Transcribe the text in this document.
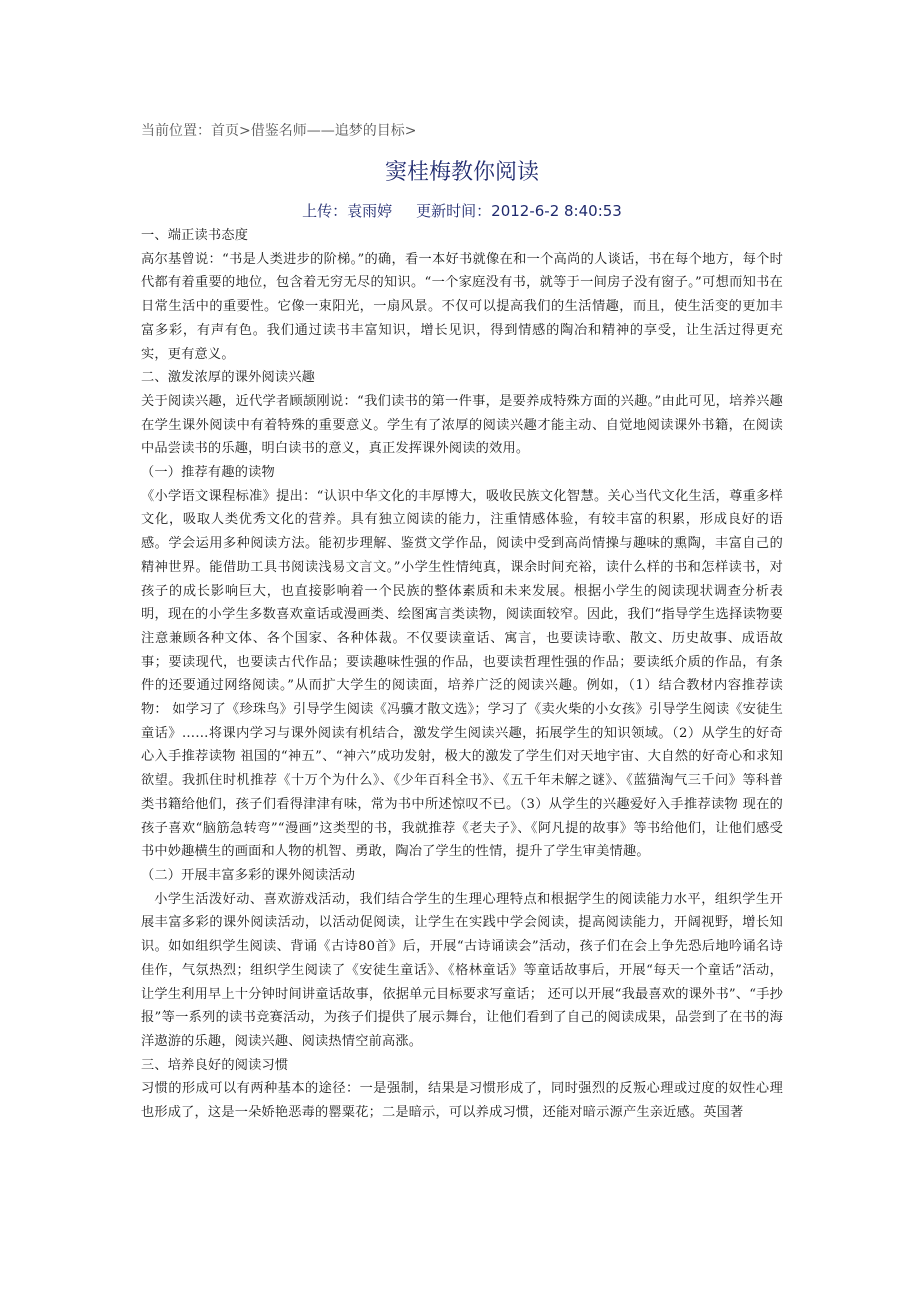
当前位置：首页>借鉴名师——追梦的目标>
窦桂梅教你阅读
上传：袁雨婷 更新时间：2012-6-2 8:40:53

一、端正读书态度

高尔基曾说：“书是人类进步的阶梯。”的确，看一本好书就像在和一个高尚的人谈话，书在每个地方，每个时代都有着重要的地位，包含着无穷无尽的知识。“一个家庭没有书，就等于一间房子没有窗子。”可想而知书在日常生活中的重要性。它像一束阳光，一扇风景。不仅可以提高我们的生活情趣，而且，使生活变的更加丰富多彩，有声有色。我们通过读书丰富知识，增长见识，得到情感的陶冶和精神的享受，让生活过得更充实，更有意义。

二、激发浓厚的课外阅读兴趣

关于阅读兴趣，近代学者顾颉刚说：“我们读书的第一件事，是要养成特殊方面的兴趣。”由此可见，培养兴趣在学生课外阅读中有着特殊的重要意义。学生有了浓厚的阅读兴趣才能主动、自觉地阅读课外书籍，在阅读中品尝读书的乐趣，明白读书的意义，真正发挥课外阅读的效用。

（一）推荐有趣的读物

《小学语文课程标准》提出：“认识中华文化的丰厚博大，吸收民族文化智慧。关心当代文化生活，尊重多样文化，吸取人类优秀文化的营养。具有独立阅读的能力，注重情感体验，有较丰富的积累，形成良好的语感。学会运用多种阅读方法。能初步理解、鉴赏文学作品，阅读中受到高尚情操与趣味的熏陶，丰富自己的精神世界。能借助工具书阅读浅易文言文。”小学生性情纯真，课余时间充裕，读什么样的书和怎样读书，对孩子的成长影响巨大，也直接影响着一个民族的整体素质和未来发展。根据小学生的阅读现状调查分析表明，现在的小学生多数喜欢童话或漫画类、绘图寓言类读物，阅读面较窄。因此，我们“指导学生选择读物要注意兼顾各种文体、各个国家、各种体裁。不仅要读童话、寓言，也要读诗歌、散文、历史故事、成语故事；要读现代，也要读古代作品；要读趣味性强的作品，也要读哲理性强的作品；要读纸介质的作品，有条件的还要通过网络阅读。”从而扩大学生的阅读面，培养广泛的阅读兴趣。例如，（1）结合教材内容推荐读物： 如学习了《珍珠鸟》引导学生阅读《冯骥才散文选》；学习了《卖火柴的小女孩》引导学生阅读《安徒生童话》……将课内学习与课外阅读有机结合，激发学生阅读兴趣，拓展学生的知识领域。（2）从学生的好奇心入手推荐读物 祖国的“神五”、“神六”成功发射，极大的激发了学生们对天地宇宙、大自然的好奇心和求知欲望。我抓住时机推荐《十万个为什么》、《少年百科全书》、《五千年未解之谜》、《蓝猫淘气三千问》等科普类书籍给他们，孩子们看得津津有味，常为书中所述惊叹不已。（3）从学生的兴趣爱好入手推荐读物 现在的孩子喜欢“脑筋急转弯”“漫画”这类型的书，我就推荐《老夫子》、《阿凡提的故事》等书给他们，让他们感受书中妙趣横生的画面和人物的机智、勇敢，陶冶了学生的性情，提升了学生审美情趣。

（二）开展丰富多彩的课外阅读活动

小学生活泼好动、喜欢游戏活动，我们结合学生的生理心理特点和根据学生的阅读能力水平，组织学生开展丰富多彩的课外阅读活动，以活动促阅读，让学生在实践中学会阅读，提高阅读能力，开阔视野，增长知识。如如组织学生阅读、背诵《古诗80首》后，开展“古诗诵读会”活动，孩子们在会上争先恐后地吟诵名诗佳作，气氛热烈；组织学生阅读了《安徒生童话》、《格林童话》等童话故事后，开展“每天一个童话”活动，让学生利用早上十分钟时间讲童话故事，依据单元目标要求写童话； 还可以开展“我最喜欢的课外书”、“手抄报”等一系列的读书竞赛活动，为孩子们提供了展示舞台，让他们看到了自己的阅读成果，品尝到了在书的海洋遨游的乐趣，阅读兴趣、阅读热情空前高涨。

三、培养良好的阅读习惯

习惯的形成可以有两种基本的途径：一是强制，结果是习惯形成了，同时强烈的反叛心理或过度的奴性心理也形成了，这是一朵娇艳恶毒的罂粟花；二是暗示，可以养成习惯，还能对暗示源产生亲近感。英国著
